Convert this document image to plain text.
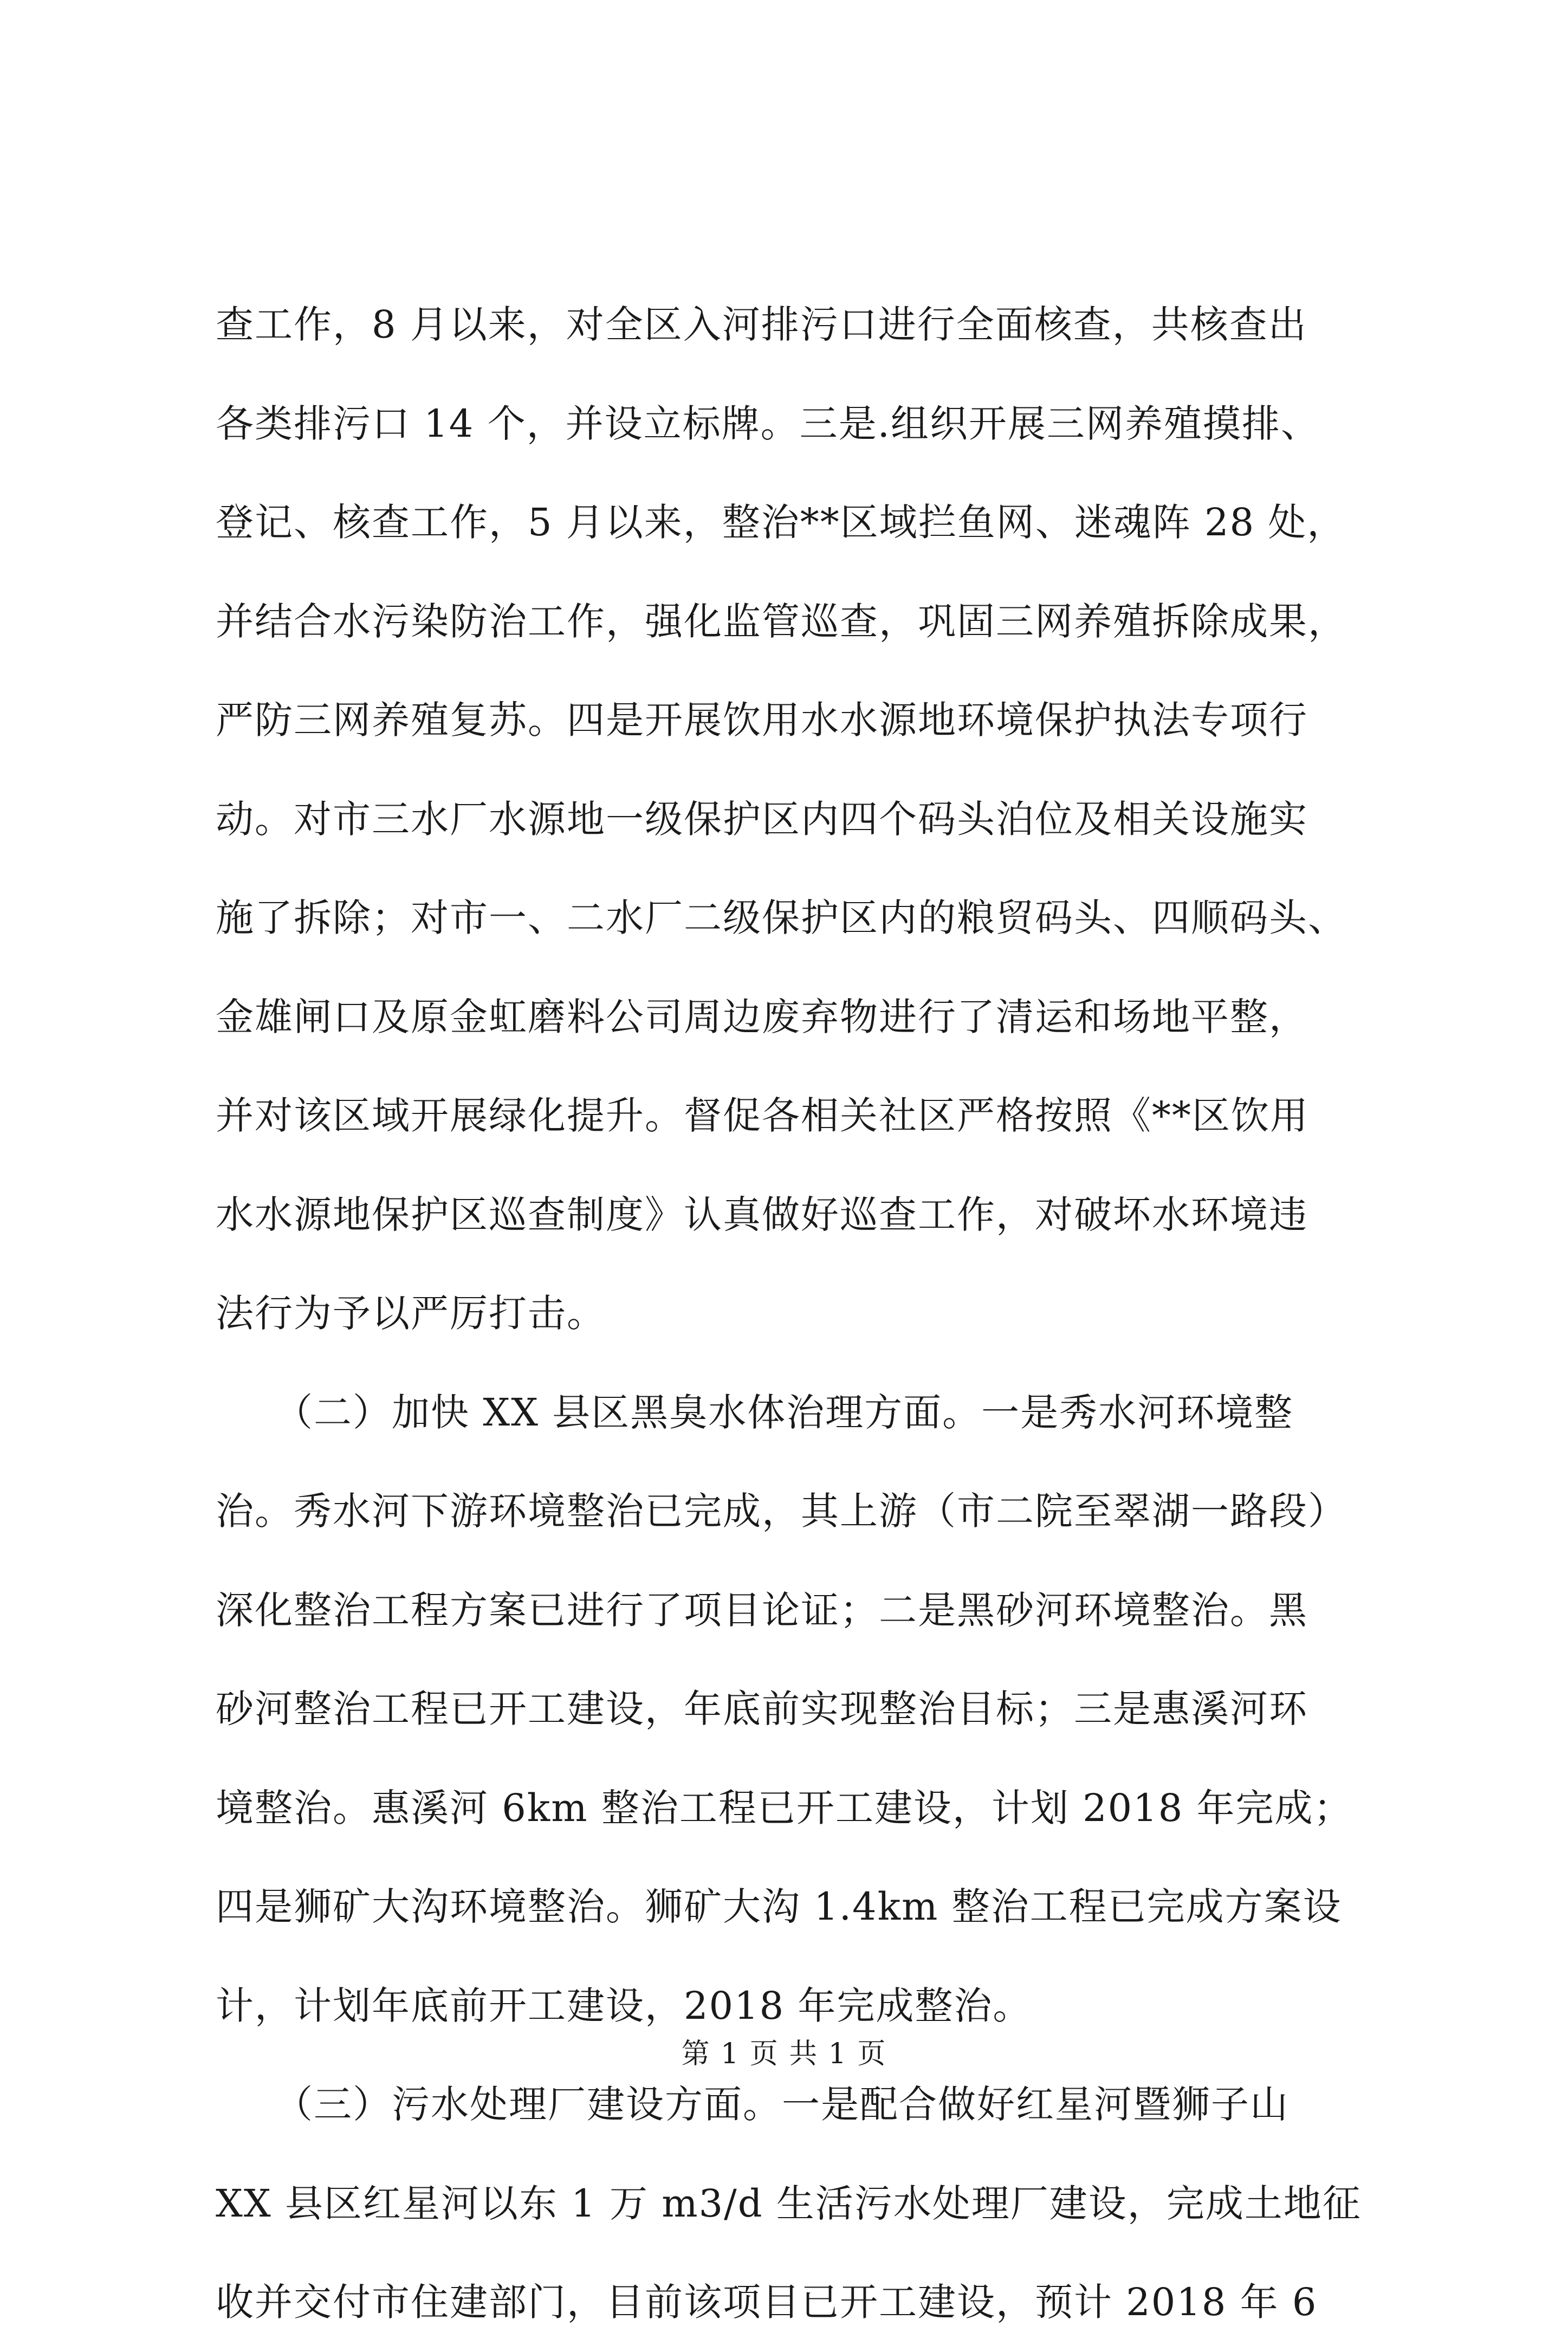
查工作，8 月以来，对全区入河排污口进行全面核查，共核查出
各类排污口 14 个，并设立标牌。三是.组织开展三网养殖摸排、
登记、核查工作，5 月以来，整治**区域拦鱼网、迷魂阵 28 处，
并结合水污染防治工作，强化监管巡查，巩固三网养殖拆除成果，
严防三网养殖复苏。四是开展饮用水水源地环境保护执法专项行
动。对市三水厂水源地一级保护区内四个码头泊位及相关设施实
施了拆除；对市一、二水厂二级保护区内的粮贸码头、四顺码头、
金雄闸口及原金虹磨料公司周边废弃物进行了清运和场地平整，
并对该区域开展绿化提升。督促各相关社区严格按照《**区饮用
水水源地保护区巡查制度》认真做好巡查工作，对破坏水环境违
法行为予以严厉打击。
　　（二）加快 XX 县区黑臭水体治理方面。一是秀水河环境整
治。秀水河下游环境整治已完成，其上游（市二院至翠湖一路段）
深化整治工程方案已进行了项目论证；二是黑砂河环境整治。黑
砂河整治工程已开工建设，年底前实现整治目标；三是惠溪河环
境整治。惠溪河 6km 整治工程已开工建设，计划 2018 年完成；
四是狮矿大沟环境整治。狮矿大沟 1.4km 整治工程已完成方案设
计，计划年底前开工建设，2018 年完成整治。
　　（三）污水处理厂建设方面。一是配合做好红星河暨狮子山
XX 县区红星河以东 1 万 m3/d 生活污水处理厂建设，完成土地征
收并交付市住建部门，目前该项目已开工建设，预计 2018 年 6
第 1 页 共 1 页
